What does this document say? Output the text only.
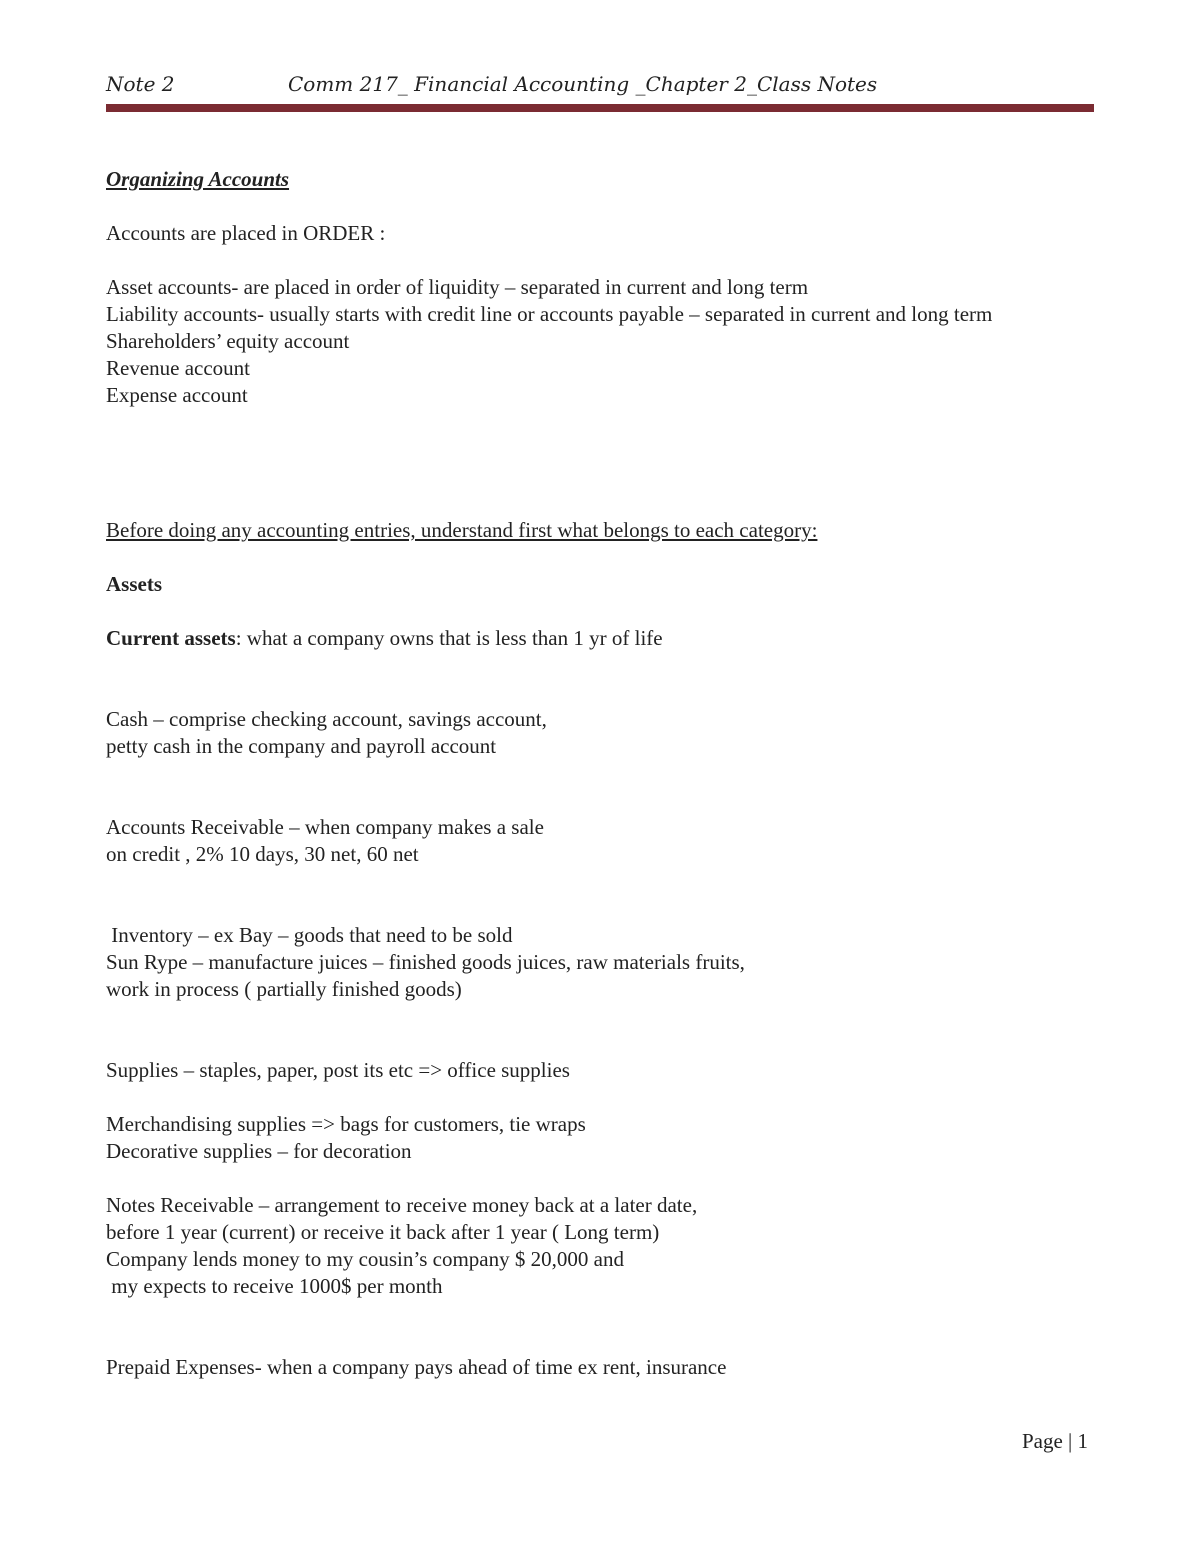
Note 2	Comm 217_ Financial Accounting _Chapter 2_Class Notes
Organizing Accounts
Accounts are placed in ORDER :
Asset accounts- are placed in order of liquidity – separated in current and long term
Liability accounts- usually starts with credit line or accounts payable – separated in current and long term
Shareholders’ equity account
Revenue account
Expense account
Before doing any accounting entries, understand first what belongs to each category:
Assets
Current assets: what a company owns that is less than 1 yr of life
Cash – comprise checking account, savings account,
petty cash in the company and payroll account
Accounts Receivable – when company makes a sale
on credit , 2% 10 days, 30 net, 60 net
Inventory – ex Bay – goods that need to be sold
Sun Rype – manufacture juices – finished goods juices, raw materials fruits,
work in process ( partially finished goods)
Supplies – staples, paper, post its etc => office supplies
Merchandising supplies => bags for customers, tie wraps
Decorative supplies – for decoration
Notes Receivable – arrangement to receive money back at a later date,
before 1 year (current) or receive it back after 1 year ( Long term)
Company lends money to my cousin’s company $ 20,000 and
my expects to receive 1000$ per month
Prepaid Expenses- when a company pays ahead of time ex rent, insurance
Page | 1
